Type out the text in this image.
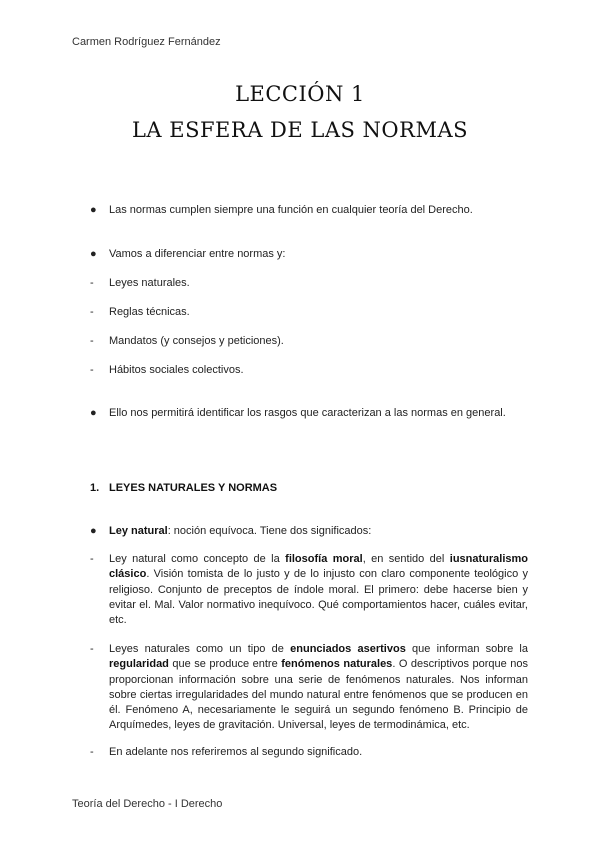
Carmen Rodríguez Fernández
LECCIÓN 1
LA ESFERA DE LAS NORMAS
●	Las normas cumplen siempre una función en cualquier teoría del Derecho.
●	Vamos a diferenciar entre normas y:
-	Leyes naturales.
-	Reglas técnicas.
-	Mandatos (y consejos y peticiones).
-	Hábitos sociales colectivos.
●	Ello nos permitirá identificar los rasgos que caracterizan a las normas en general.
●	Ley natural: noción equívoca. Tiene dos significados:
-	Ley natural como concepto de la filosofía moral, en sentido del iusnaturalismo clásico. Visión tomista de lo justo y de lo injusto con claro componente teológico y religioso. Conjunto de preceptos de índole moral. El primero: debe hacerse bien y evitar el. Mal. Valor normativo inequívoco. Qué comportamientos hacer, cuáles evitar, etc.
-	Leyes naturales como un tipo de enunciados asertivos que informan sobre la regularidad que se produce entre fenómenos naturales. O descriptivos porque nos proporcionan información sobre una serie de fenómenos naturales. Nos informan sobre ciertas irregularidades del mundo natural entre fenómenos que se producen en él. Fenómeno A, necesariamente le seguirá un segundo fenómeno B. Principio de Arquímedes, leyes de gravitación. Universal, leyes de termodinámica, etc.
-	En adelante nos referiremos al segundo significado.
1. LEYES NATURALES Y NORMAS
Teoría del Derecho - I Derecho
